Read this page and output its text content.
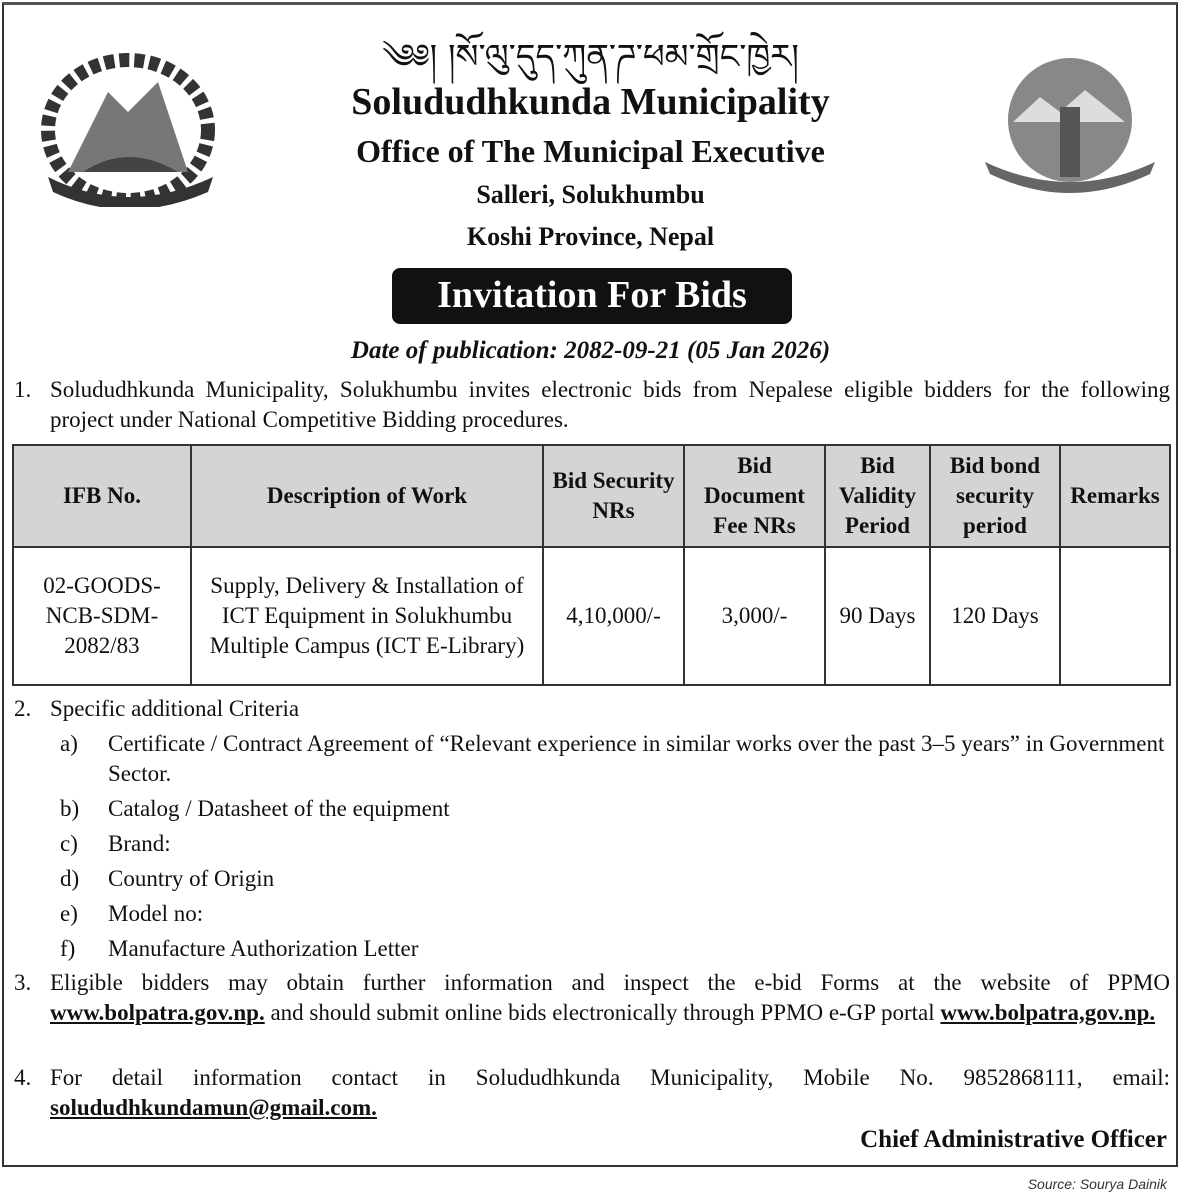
༄༅། །སོ་ལུ་དུད་ཀུན་ཌ་ཕམ་གྲོང་ཁྱེར།
Solududhkunda Municipality
Office of The Municipal Executive
Salleri, Solukhumbu
Koshi Province, Nepal
Invitation For Bids
Date of publication: 2082-09-21 (05 Jan 2026)
1. Solududhkunda Municipality, Solukhumbu invites electronic bids from Nepalese eligible bidders for the following project under National Competitive Bidding procedures.
IFB No.	Description of Work	Bid Security NRs	Bid Document Fee NRs	Bid Validity Period	Bid bond security period	Remarks
02-GOODS-NCB-SDM-2082/83	Supply, Delivery & Installation of ICT Equipment in Solukhumbu Multiple Campus (ICT E-Library)	4,10,000/-	3,000/-	90 Days	120 Days	
2. Specific additional Criteria
a) Certificate / Contract Agreement of “Relevant experience in similar works over the past 3–5 years” in Government Sector.
b) Catalog / Datasheet of the equipment
c) Brand:
d) Country of Origin
e) Model no:
f) Manufacture Authorization Letter
3. Eligible bidders may obtain further information and inspect the e-bid Forms at the website of PPMO www.bolpatra.gov.np. and should submit online bids electronically through PPMO e-GP portal www.bolpatra,gov.np.
4. For detail information contact in Solududhkunda Municipality, Mobile No. 9852868111, email: solududhkundamun@gmail.com.
Chief Administrative Officer
Source: Sourya Dainik
